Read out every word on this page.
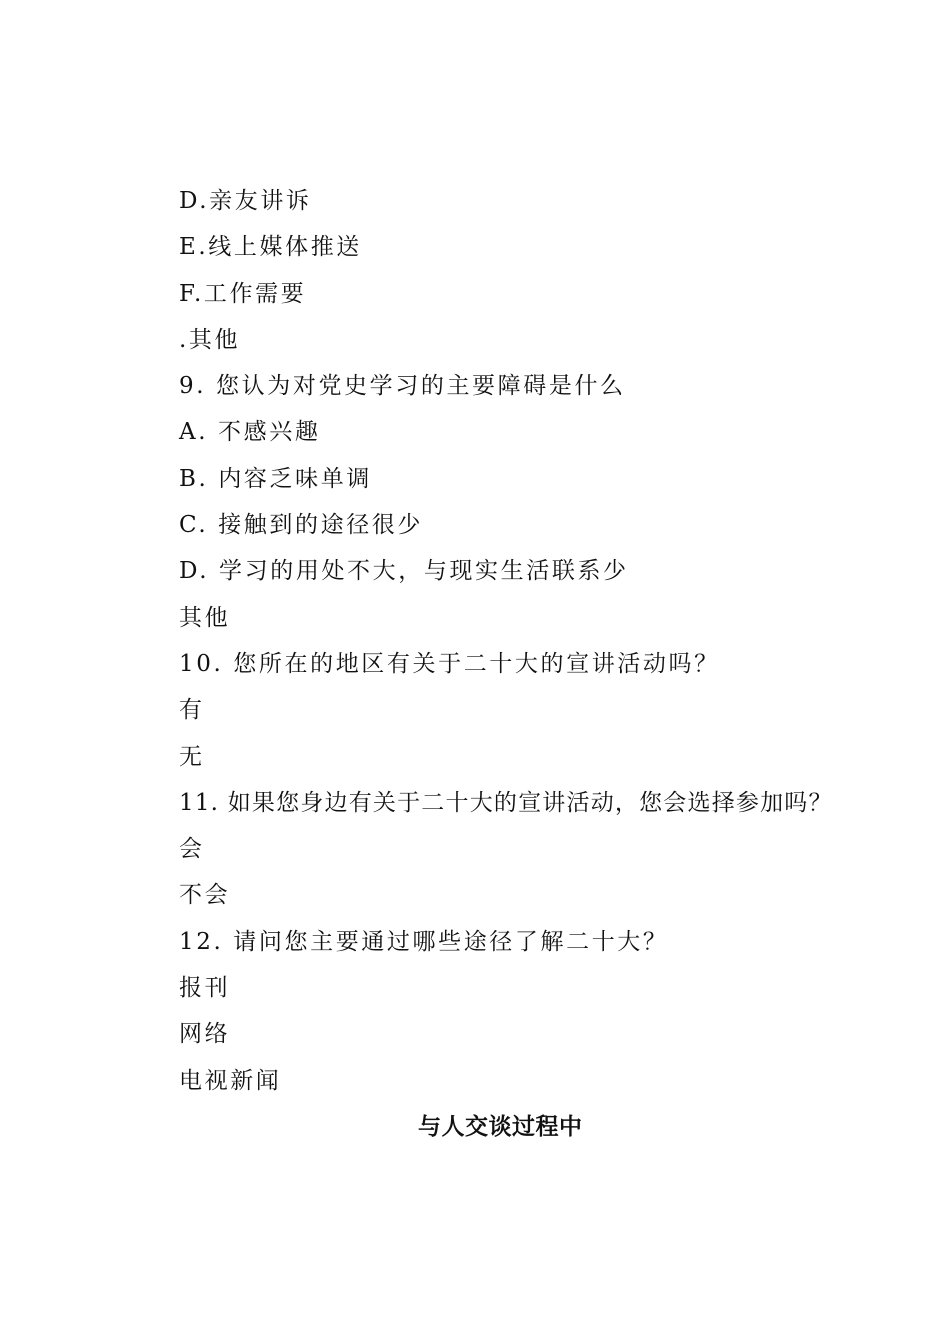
D.亲友讲诉
E.线上媒体推送
F.工作需要
.其他
9. 您认为对党史学习的主要障碍是什么
A. 不感兴趣
B. 内容乏味单调
C. 接触到的途径很少
D. 学习的用处不大，与现实生活联系少
其他
10. 您所在的地区有关于二十大的宣讲活动吗？
有
无
11. 如果您身边有关于二十大的宣讲活动，您会选择参加吗？
会
不会
12. 请问您主要通过哪些途径了解二十大？
报刊
网络
电视新闻
与人交谈过程中
